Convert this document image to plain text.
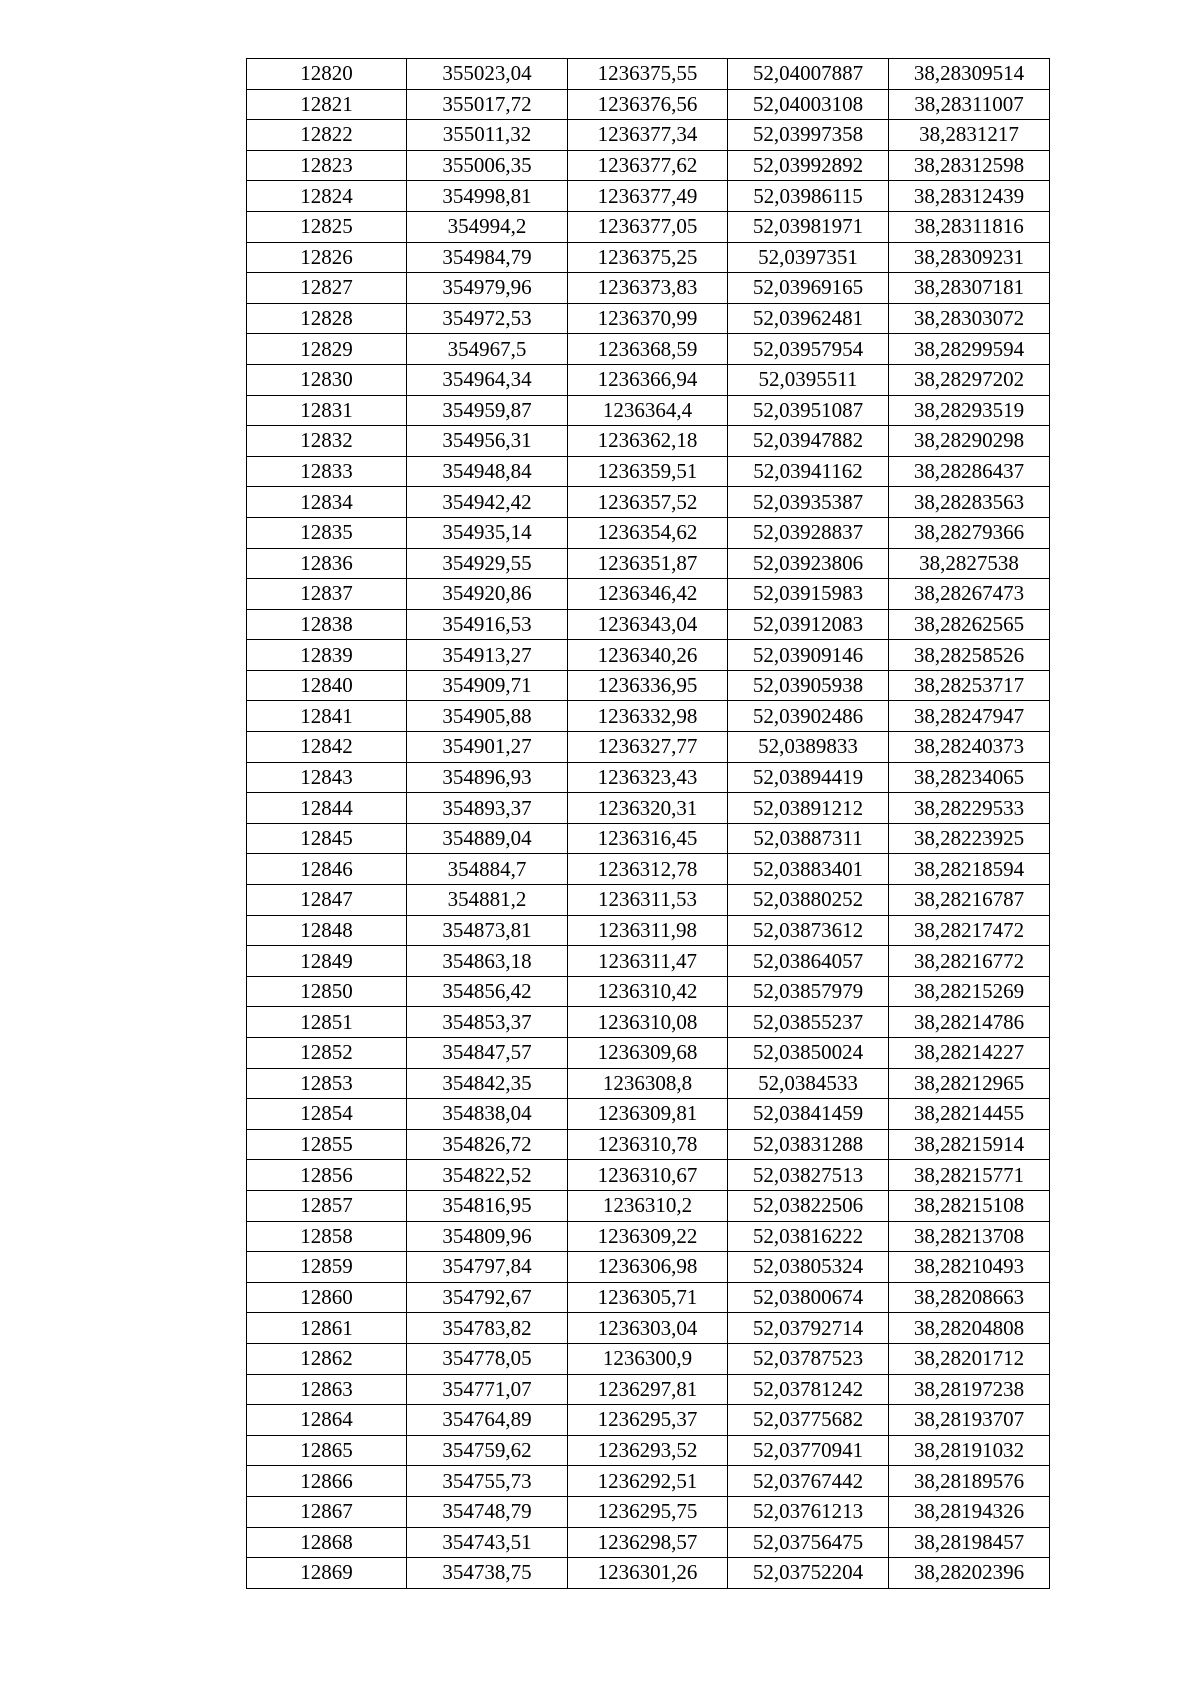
12820	355023,04	1236375,55	52,04007887	38,28309514
12821	355017,72	1236376,56	52,04003108	38,28311007
12822	355011,32	1236377,34	52,03997358	38,2831217
12823	355006,35	1236377,62	52,03992892	38,28312598
12824	354998,81	1236377,49	52,03986115	38,28312439
12825	354994,2	1236377,05	52,03981971	38,28311816
12826	354984,79	1236375,25	52,0397351	38,28309231
12827	354979,96	1236373,83	52,03969165	38,28307181
12828	354972,53	1236370,99	52,03962481	38,28303072
12829	354967,5	1236368,59	52,03957954	38,28299594
12830	354964,34	1236366,94	52,0395511	38,28297202
12831	354959,87	1236364,4	52,03951087	38,28293519
12832	354956,31	1236362,18	52,03947882	38,28290298
12833	354948,84	1236359,51	52,03941162	38,28286437
12834	354942,42	1236357,52	52,03935387	38,28283563
12835	354935,14	1236354,62	52,03928837	38,28279366
12836	354929,55	1236351,87	52,03923806	38,2827538
12837	354920,86	1236346,42	52,03915983	38,28267473
12838	354916,53	1236343,04	52,03912083	38,28262565
12839	354913,27	1236340,26	52,03909146	38,28258526
12840	354909,71	1236336,95	52,03905938	38,28253717
12841	354905,88	1236332,98	52,03902486	38,28247947
12842	354901,27	1236327,77	52,0389833	38,28240373
12843	354896,93	1236323,43	52,03894419	38,28234065
12844	354893,37	1236320,31	52,03891212	38,28229533
12845	354889,04	1236316,45	52,03887311	38,28223925
12846	354884,7	1236312,78	52,03883401	38,28218594
12847	354881,2	1236311,53	52,03880252	38,28216787
12848	354873,81	1236311,98	52,03873612	38,28217472
12849	354863,18	1236311,47	52,03864057	38,28216772
12850	354856,42	1236310,42	52,03857979	38,28215269
12851	354853,37	1236310,08	52,03855237	38,28214786
12852	354847,57	1236309,68	52,03850024	38,28214227
12853	354842,35	1236308,8	52,0384533	38,28212965
12854	354838,04	1236309,81	52,03841459	38,28214455
12855	354826,72	1236310,78	52,03831288	38,28215914
12856	354822,52	1236310,67	52,03827513	38,28215771
12857	354816,95	1236310,2	52,03822506	38,28215108
12858	354809,96	1236309,22	52,03816222	38,28213708
12859	354797,84	1236306,98	52,03805324	38,28210493
12860	354792,67	1236305,71	52,03800674	38,28208663
12861	354783,82	1236303,04	52,03792714	38,28204808
12862	354778,05	1236300,9	52,03787523	38,28201712
12863	354771,07	1236297,81	52,03781242	38,28197238
12864	354764,89	1236295,37	52,03775682	38,28193707
12865	354759,62	1236293,52	52,03770941	38,28191032
12866	354755,73	1236292,51	52,03767442	38,28189576
12867	354748,79	1236295,75	52,03761213	38,28194326
12868	354743,51	1236298,57	52,03756475	38,28198457
12869	354738,75	1236301,26	52,03752204	38,28202396
